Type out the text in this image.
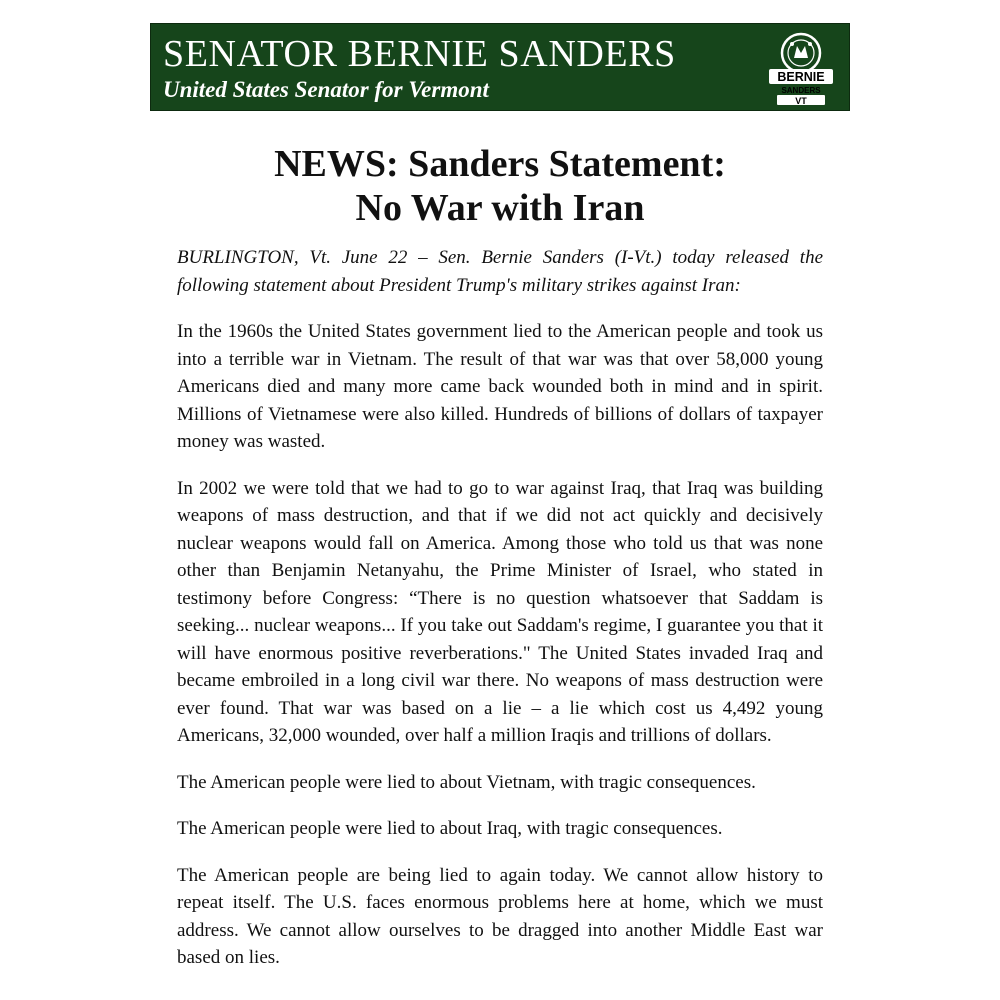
SENATOR BERNIE SANDERS
United States Senator for Vermont	BERNIE
SANDERS
VT
NEWS: Sanders Statement:
No War with Iran

BURLINGTON, Vt. June 22 – Sen. Bernie Sanders (I-Vt.) today released the following statement about President Trump's military strikes against Iran:

In the 1960s the United States government lied to the American people and took us into a terrible war in Vietnam. The result of that war was that over 58,000 young Americans died and many more came back wounded both in mind and in spirit. Millions of Vietnamese were also killed. Hundreds of billions of dollars of taxpayer money was wasted.

In 2002 we were told that we had to go to war against Iraq, that Iraq was building weapons of mass destruction, and that if we did not act quickly and decisively nuclear weapons would fall on America. Among those who told us that was none other than Benjamin Netanyahu, the Prime Minister of Israel, who stated in testimony before Congress: “There is no question whatsoever that Saddam is seeking... nuclear weapons... If you take out Saddam's regime, I guarantee you that it will have enormous positive reverberations." The United States invaded Iraq and became embroiled in a long civil war there. No weapons of mass destruction were ever found. That war was based on a lie – a lie which cost us 4,492 young Americans, 32,000 wounded, over half a million Iraqis and trillions of dollars.

The American people were lied to about Vietnam, with tragic consequences.

The American people were lied to about Iraq, with tragic consequences.

The American people are being lied to again today. We cannot allow history to repeat itself. The U.S. faces enormous problems here at home, which we must address. We cannot allow ourselves to be dragged into another Middle East war based on lies.
